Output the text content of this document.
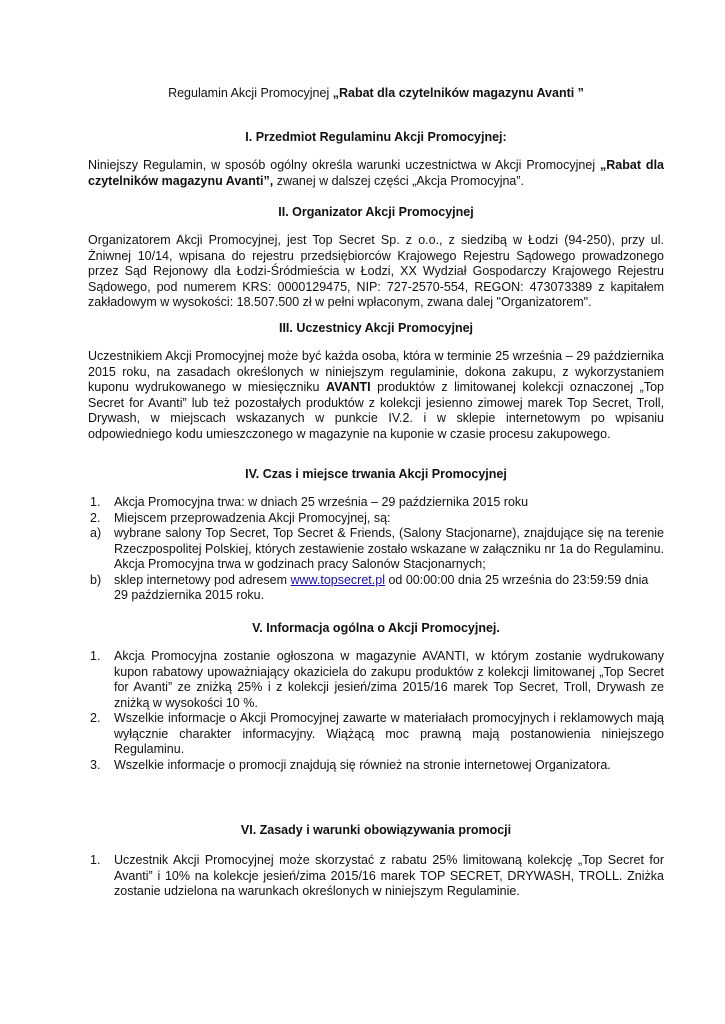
Regulamin Akcji Promocyjnej „Rabat dla czytelników magazynu Avanti ”
I. Przedmiot Regulaminu Akcji Promocyjnej:
Niniejszy Regulamin, w sposób ogólny określa warunki uczestnictwa w Akcji Promocyjnej „Rabat dla czytelników magazynu Avanti”, zwanej w dalszej części „Akcja Promocyjna”.
II. Organizator Akcji Promocyjnej
Organizatorem Akcji Promocyjnej, jest Top Secret Sp. z o.o., z siedzibą w Łodzi (94-250), przy ul. Żniwnej 10/14, wpisana do rejestru przedsiębiorców Krajowego Rejestru Sądowego prowadzonego przez Sąd Rejonowy dla Łodzi-Śródmieścia w Łodzi, XX Wydział Gospodarczy Krajowego Rejestru Sądowego, pod numerem KRS: 0000129475, NIP: 727-2570-554, REGON: 473073389 z kapitałem zakładowym w wysokości: 18.507.500 zł w pełni wpłaconym, zwana dalej "Organizatorem".
III. Uczestnicy Akcji Promocyjnej
Uczestnikiem Akcji Promocyjnej może być każda osoba, która w terminie 25 września – 29 października 2015 roku, na zasadach określonych w niniejszym regulaminie, dokona zakupu, z wykorzystaniem kuponu wydrukowanego w miesięczniku AVANTI produktów z limitowanej kolekcji oznaczonej „Top Secret for Avanti” lub też pozostałych produktów z kolekcji jesienno zimowej marek Top Secret, Troll, Drywash, w miejscach wskazanych w punkcie IV.2. i w sklepie internetowym po wpisaniu odpowiedniego kodu umieszczonego w magazynie na kuponie w czasie procesu zakupowego.
IV. Czas i miejsce trwania Akcji Promocyjnej
1. Akcja Promocyjna trwa: w dniach 25 września – 29 października 2015 roku
2. Miejscem przeprowadzenia Akcji Promocyjnej, są:
a) wybrane salony Top Secret, Top Secret & Friends, (Salony Stacjonarne), znajdujące się na terenie Rzeczpospolitej Polskiej, których zestawienie zostało wskazane w załączniku nr 1a do Regulaminu. Akcja Promocyjna trwa w godzinach pracy Salonów Stacjonarnych;
b) sklep internetowy pod adresem www.topsecret.pl od 00:00:00 dnia 25 września do 23:59:59 dnia 29 października 2015 roku.
V. Informacja ogólna o Akcji Promocyjnej.
1. Akcja Promocyjna zostanie ogłoszona w magazynie AVANTI, w którym zostanie wydrukowany kupon rabatowy upoważniający okaziciela do zakupu produktów z kolekcji limitowanej „Top Secret for Avanti” ze zniżką 25% i z kolekcji jesień/zima 2015/16 marek Top Secret, Troll, Drywash ze zniżką w wysokości 10 %.
2. Wszelkie informacje o Akcji Promocyjnej zawarte w materiałach promocyjnych i reklamowych mają wyłącznie charakter informacyjny. Wiążącą moc prawną mają postanowienia niniejszego Regulaminu.
3. Wszelkie informacje o promocji znajdują się również na stronie internetowej Organizatora.
VI. Zasady i warunki obowiązywania promocji
1. Uczestnik Akcji Promocyjnej może skorzystać z rabatu 25% limitowaną kolekcję „Top Secret for Avanti” i 10% na kolekcje jesień/zima 2015/16 marek TOP SECRET, DRYWASH, TROLL. Zniżka zostanie udzielona na warunkach określonych w niniejszym Regulaminie.
